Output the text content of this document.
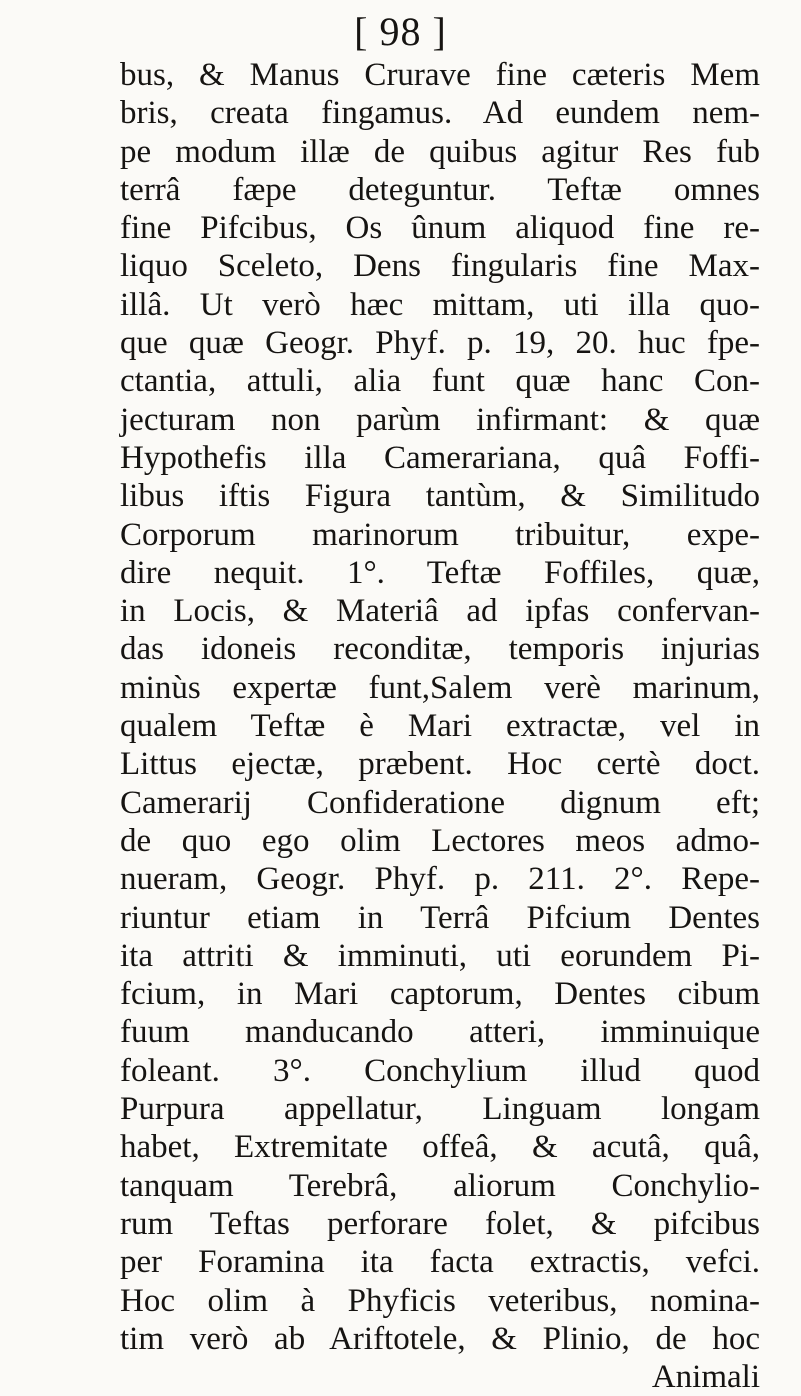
[ 98 ]
bus, & Manus Crurave fine cæteris Mem
bris, creata fingamus. Ad eundem nem-
pe modum illæ de quibus agitur Res fub
terrâ fæpe deteguntur. Teftæ omnes
fine Pifcibus, Os ûnum aliquod fine re-
liquo Sceleto, Dens fingularis fine Max-
illâ. Ut verò hæc mittam, uti illa quo-
que quæ Geogr. Phyf. p. 19, 20. huc fpe-
ctantia, attuli, alia funt quæ hanc Con-
jecturam non parùm infirmant: & quæ
Hypothefis illa Camerariana, quâ Foffi-
libus iftis Figura tantùm, & Similitudo
Corporum marinorum tribuitur, expe-
dire nequit. 1°. Teftæ Foffiles, quæ,
in Locis, & Materiâ ad ipfas confervan-
das idoneis reconditæ, temporis injurias
minùs expertæ funt,Salem verè marinum,
qualem Teftæ è Mari extractæ, vel in
Littus ejectæ, præbent. Hoc certè doct.
Camerarij Confideratione dignum eft;
de quo ego olim Lectores meos admo-
nueram, Geogr. Phyf. p. 211. 2°. Repe-
riuntur etiam in Terrâ Pifcium Dentes
ita attriti & imminuti, uti eorundem Pi-
fcium, in Mari captorum, Dentes cibum
fuum manducando atteri, imminuique
foleant. 3°. Conchylium illud quod
Purpura appellatur, Linguam longam
habet, Extremitate offeâ, & acutâ, quâ,
tanquam Terebrâ, aliorum Conchylio-
rum Teftas perforare folet, & pifcibus
per Foramina ita facta extractis, vefci.
Hoc olim à Phyficis veteribus, nomina-
tim verò ab Ariftotele, & Plinio, de hoc
Animali
